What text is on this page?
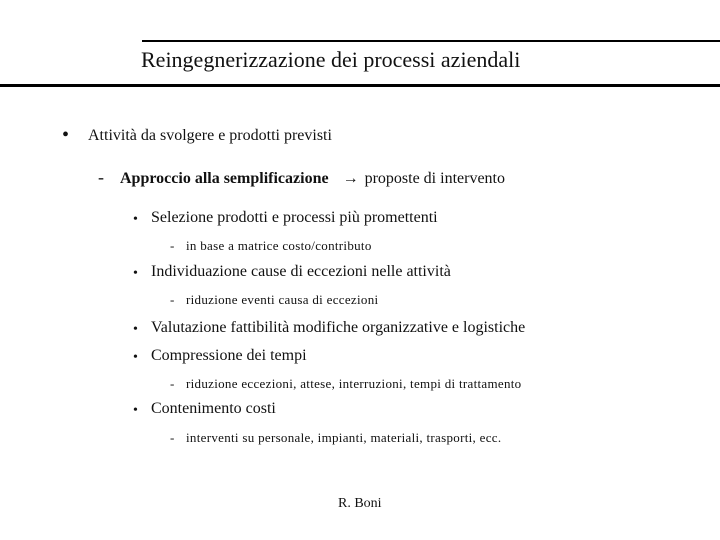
Reingegnerizzazione dei processi aziendali
• Attività da svolgere e prodotti previsti
- Approccio alla semplificazione → proposte di intervento
• Selezione prodotti e processi più promettenti
- in base a matrice costo/contributo
• Individuazione cause di eccezioni nelle attività
- riduzione eventi causa di eccezioni
• Valutazione fattibilità modifiche organizzative e logistiche
• Compressione dei tempi
- riduzione eccezioni, attese, interruzioni, tempi di trattamento
• Contenimento costi
- interventi su personale, impianti, materiali, trasporti, ecc.
R. Boni
